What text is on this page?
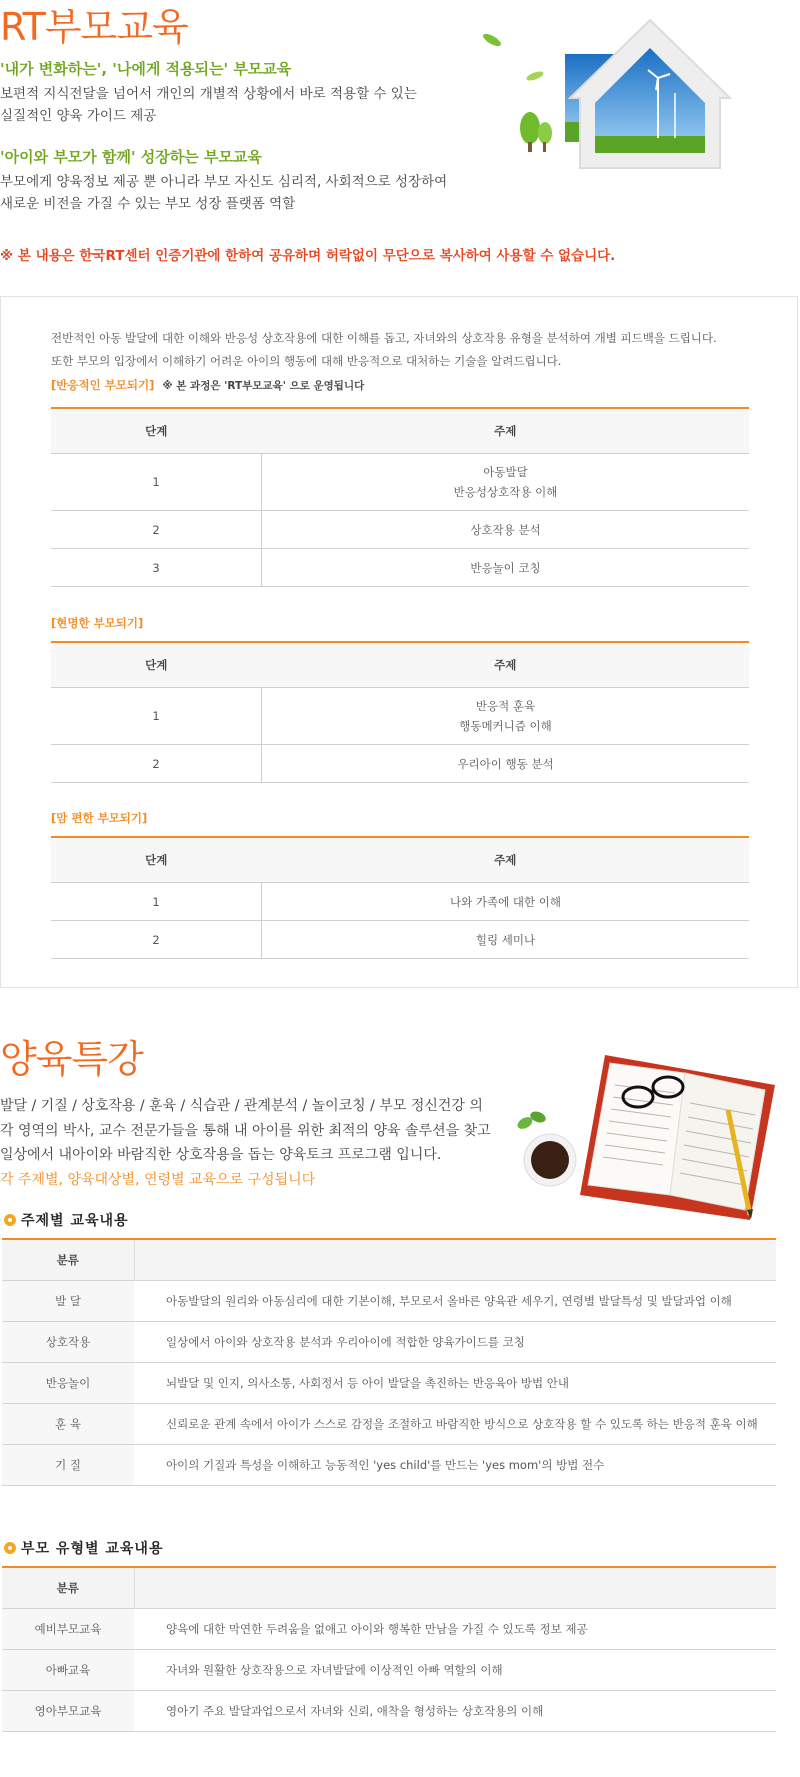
RT부모교육
'내가 변화하는', '나에게 적용되는' 부모교육

보편적 지식전달을 넘어서 개인의 개별적 상황에서 바로 적용할 수 있는

실질적인 양육 가이드 제공

'아이와 부모가 함께' 성장하는 부모교육

부모에게 양육정보 제공 뿐 아니라 부모 자신도 심리적, 사회적으로 성장하여

새로운 비전을 가질 수 있는 부모 성장 플랫폼 역할

※ 본 내용은 한국RT센터 인증기관에 한하여 공유하며 허락없이 무단으로 복사하여 사용할 수 없습니다.

전반적인 아동 발달에 대한 이해와 반응성 상호작용에 대한 이해를 돕고, 자녀와의 상호작용 유형을 분석하여 개별 피드백을 드립니다.
또한 부모의 입장에서 이해하기 어려운 아이의 행동에 대해 반응적으로 대처하는 기술을 알려드립니다.

[반응적인 부모되기] ※ 본 과정은 'RT부모교육' 으로 운영됩니다
단계	주제
1	아동발달
반응성상호작용 이해
2	상호작용 분석
3	반응놀이 코칭
[현명한 부모되기]
단계	주제
1	반응적 훈육
행동메커니즘 이해
2	우리아이 행동 분석
[맘 편한 부모되기]
단계	주제
1	나와 가족에 대한 이해
2	힐링 세미나
양육특강

발달 / 기질 / 상호작용 / 훈육 / 식습관 / 관계분석 / 놀이코칭 / 부모 정신건강 의
각 영역의 박사, 교수 전문가들을 통해 내 아이를 위한 최적의 양육 솔루션을 찾고
일상에서 내아이와 바람직한 상호작용을 돕는 양육토크 프로그램 입니다.
각 주제별, 양육대상별, 연령별 교육으로 구성됩니다

주제별 교육내용
분류	
발 달	아동발달의 원리와 아동심리에 대한 기본이해, 부모로서 올바른 양육관 세우기, 연령별 발달특성 및 발달과업 이해
상호작용	일상에서 아이와 상호작용 분석과 우리아이에 적합한 양육가이드를 코칭
반응놀이	뇌발달 및 인지, 의사소통, 사회정서 등 아이 발달을 촉진하는 반응육아 방법 안내
훈 육	신뢰로운 관계 속에서 아이가 스스로 감정을 조절하고 바람직한 방식으로 상호작용 할 수 있도록 하는 반응적 훈육 이해
기 질	아이의 기질과 특성을 이해하고 능동적인 'yes child'를 만드는 'yes mom'의 방법 전수
부모 유형별 교육내용
분류	
예비부모교육	양육에 대한 막연한 두려움을 없애고 아이와 행복한 만남을 가질 수 있도록 정보 제공
아빠교육	자녀와 원활한 상호작용으로 자녀발달에 이상적인 아빠 역할의 이해
영아부모교육	영아기 주요 발달과업으로서 자녀와 신뢰, 애착을 형성하는 상호작용의 이해
